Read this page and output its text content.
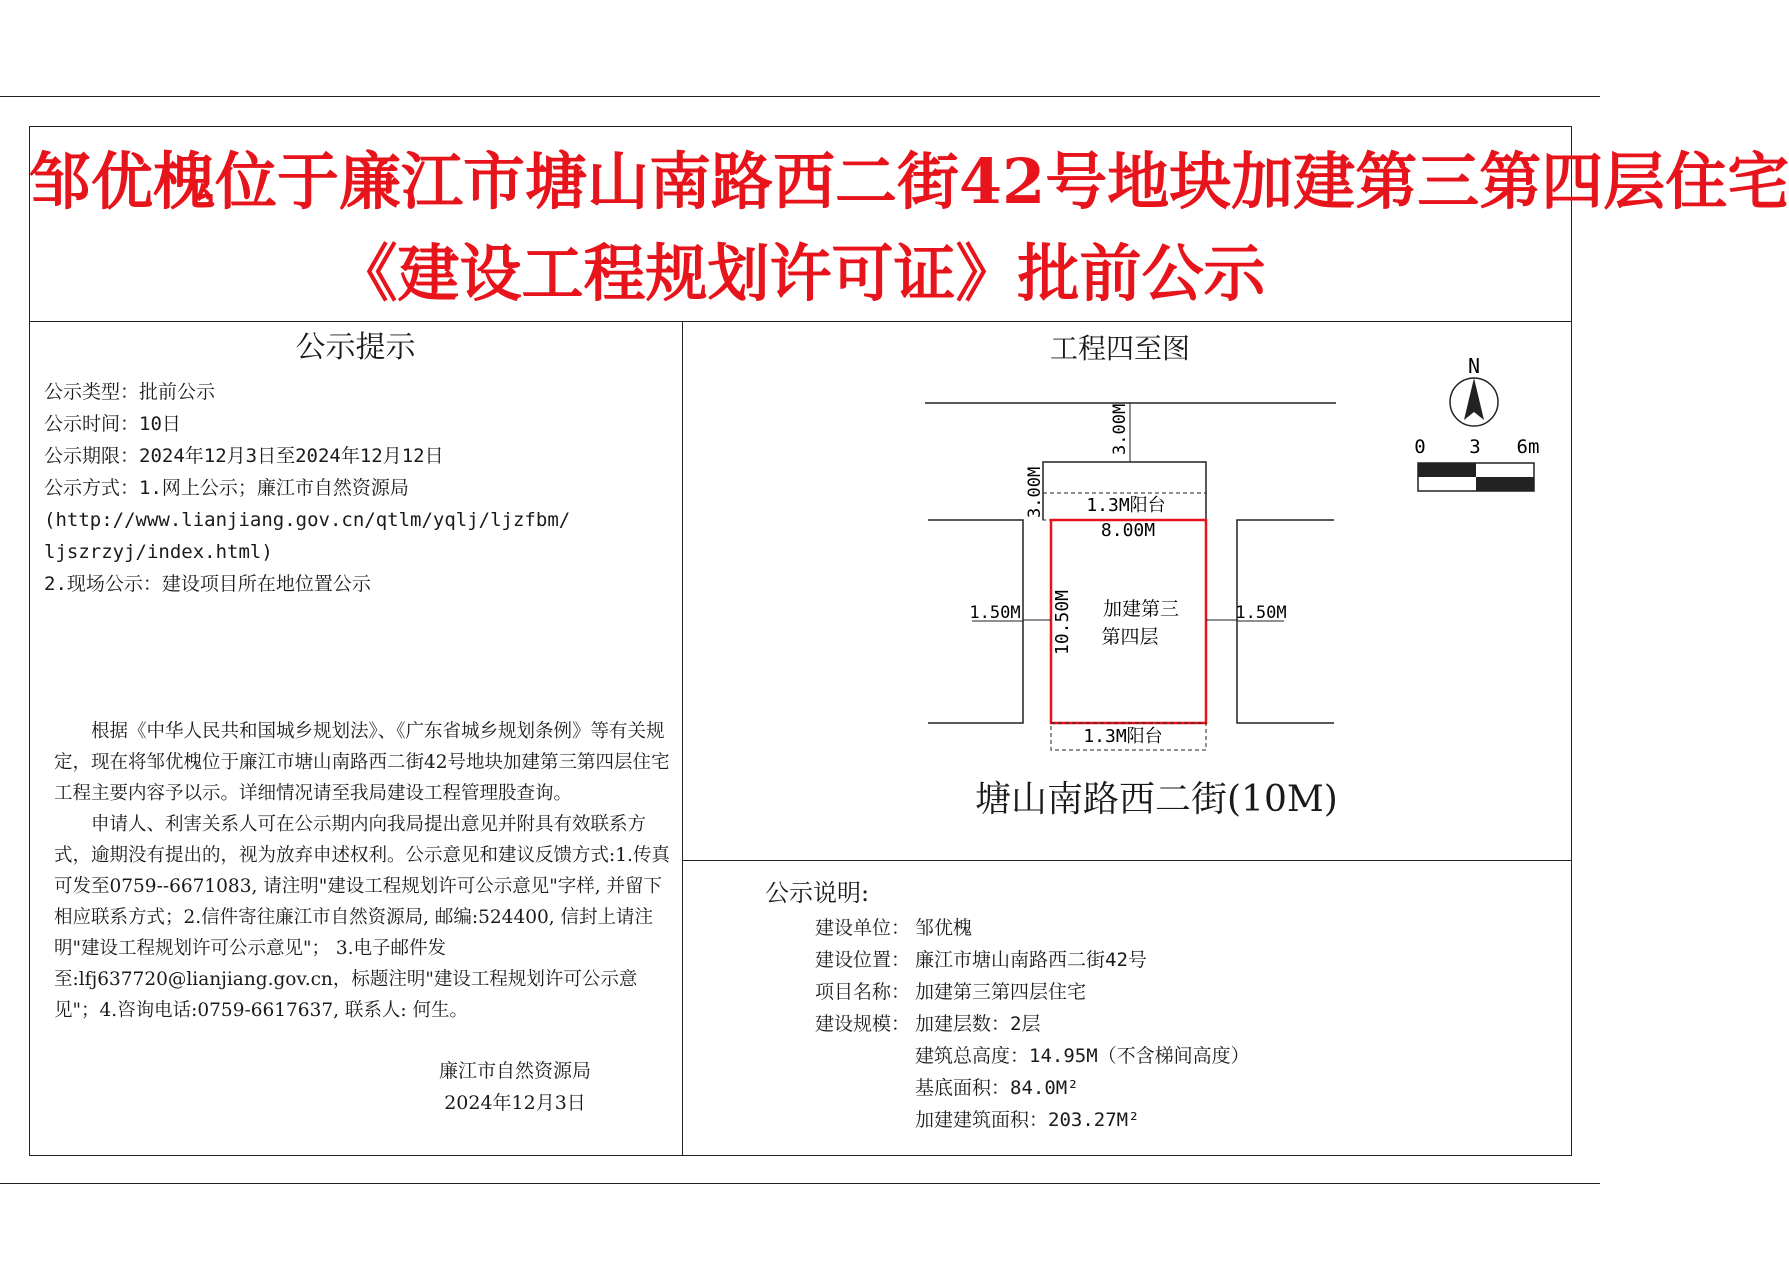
邹优槐位于廉江市塘山南路西二街42号地块加建第三第四层住宅
《建设工程规划许可证》批前公示
公示提示
公示类型：批前公示
公示时间：10日
公示期限：2024年12月3日至2024年12月12日
公示方式：1.网上公示；廉江市自然资源局
(http://www.lianjiang.gov.cn/qtlm/yqlj/ljzfbm/
ljszrzyj/index.html)
2.现场公示：建设项目所在地位置公示

根据《中华人民共和国城乡规划法》、《广东省城乡规划条例》等有关规定，现在将邹优槐位于廉江市塘山南路西二街42号地块加建第三第四层住宅工程主要内容予以示。详细情况请至我局建设工程管理股查询。

申请人、利害关系人可在公示期内向我局提出意见并附具有效联系方式，逾期没有提出的，视为放弃申述权利。公示意见和建议反馈方式:1.传真可发至0759--6671083, 请注明"建设工程规划许可公示意见"字样, 并留下相应联系方式；2.信件寄往廉江市自然资源局, 邮编:524400, 信封上请注明"建设工程规划许可公示意见"； 3.电子邮件发至:lfj637720@lianjiang.gov.cn，标题注明"建设工程规划许可公示意见"；4.咨询电话:0759-6617637, 联系人: 何生。

廉江市自然资源局
2024年12月3日
工程四至图
N
0 3 6m
3.00M
3.00M 1.3M阳台
8.00M
10.50M 加建第三
第四层
1.3M阳台
1.50M	1.50M
塘山南路西二街(10M)
公示说明:
建设单位： 邹优槐
建设位置： 廉江市塘山南路西二街42号
项目名称： 加建第三第四层住宅
建设规模： 加建层数：2层
建筑总高度：14.95M（不含梯间高度）
基底面积：84.0M²
加建建筑面积：203.27M²
